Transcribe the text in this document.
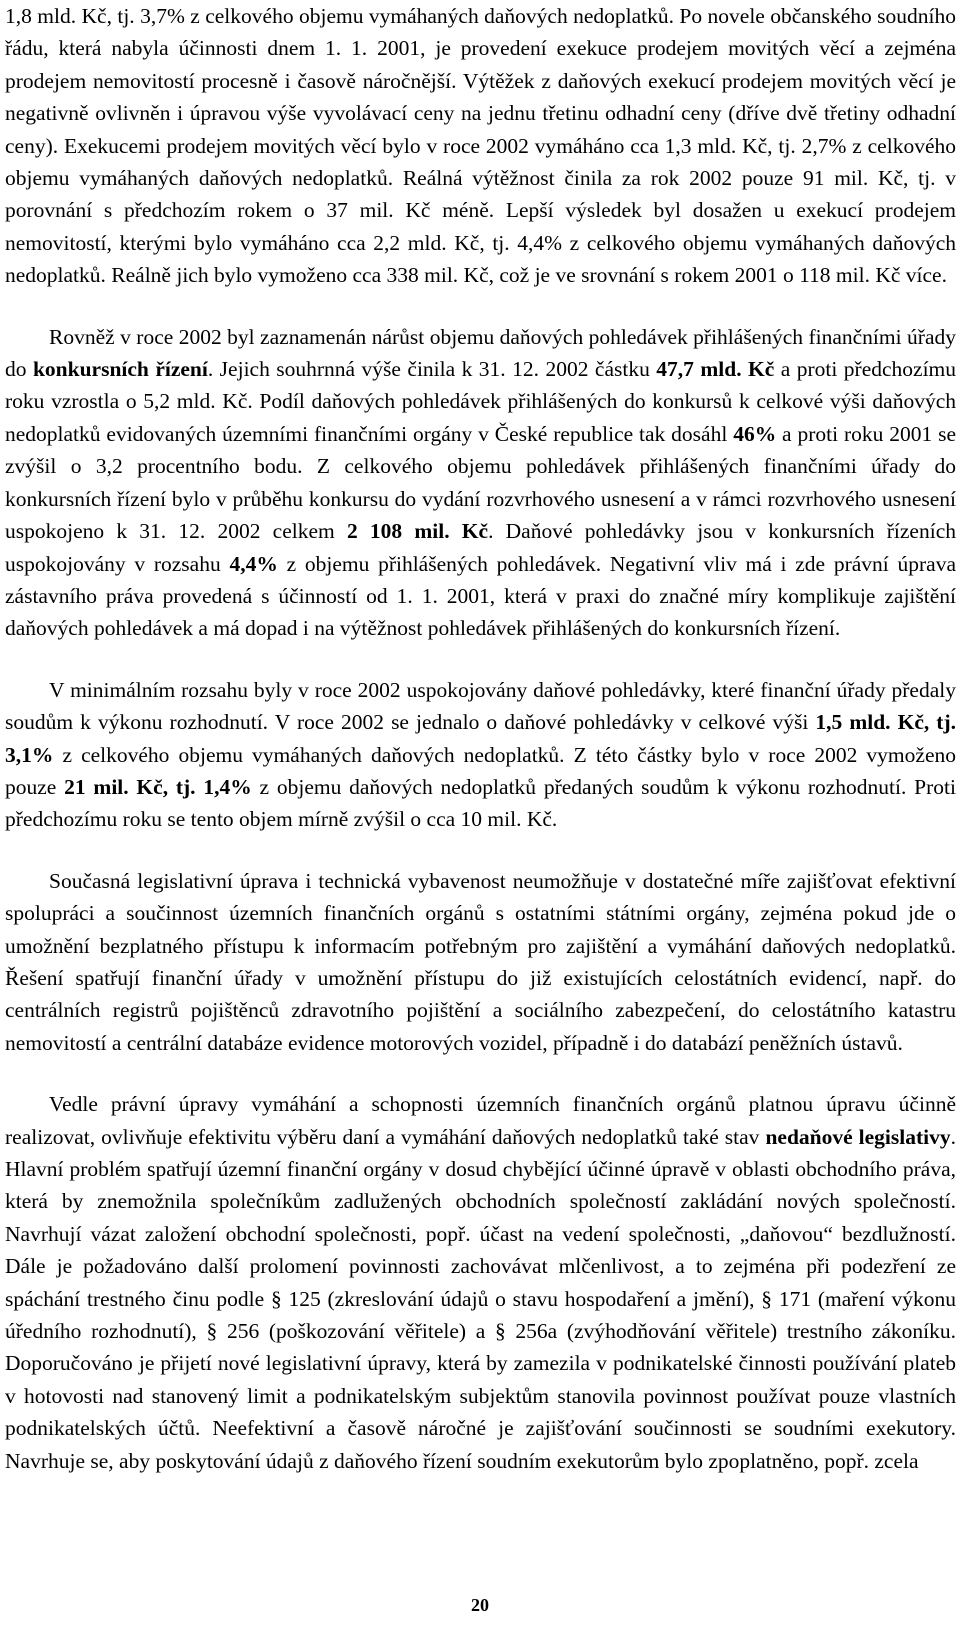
1,8 mld. Kč, tj. 3,7% z celkového objemu vymáhaných daňových nedoplatků. Po novele občanského soudního řádu, která nabyla účinnosti dnem 1. 1. 2001, je provedení exekuce prodejem movitých věcí a zejména prodejem nemovitostí procesně i časově náročnější. Výtěžek z daňových exekucí prodejem movitých věcí je negativně ovlivněn i úpravou výše vyvolávací ceny na jednu třetinu odhadní ceny (dříve dvě třetiny odhadní ceny). Exekucemi prodejem movitých věcí bylo v roce 2002 vymáháno cca 1,3 mld. Kč, tj. 2,7% z celkového objemu vymáhaných daňových nedoplatků. Reálná výtěžnost činila za rok 2002 pouze 91 mil. Kč, tj. v porovnání s předchozím rokem o 37 mil. Kč méně. Lepší výsledek byl dosažen u exekucí prodejem nemovitostí, kterými bylo vymáháno cca 2,2 mld. Kč, tj. 4,4% z celkového objemu vymáhaných daňových nedoplatků. Reálně jich bylo vymoženo cca 338 mil. Kč, což je ve srovnání s rokem 2001 o 118 mil. Kč více.

Rovněž v roce 2002 byl zaznamenán nárůst objemu daňových pohledávek přihlášených finančními úřady do konkursních řízení. Jejich souhrnná výše činila k 31. 12. 2002 částku 47,7 mld. Kč a proti předchozímu roku vzrostla o 5,2 mld. Kč. Podíl daňových pohledávek přihlášených do konkursů k celkové výši daňových nedoplatků evidovaných územními finančními orgány v České republice tak dosáhl 46% a proti roku 2001 se zvýšil o 3,2 procentního bodu. Z celkového objemu pohledávek přihlášených finančními úřady do konkursních řízení bylo v průběhu konkursu do vydání rozvrhového usnesení a v rámci rozvrhového usnesení uspokojeno k 31. 12. 2002 celkem 2 108 mil. Kč. Daňové pohledávky jsou v konkursních řízeních uspokojovány v rozsahu 4,4% z objemu přihlášených pohledávek. Negativní vliv má i zde právní úprava zástavního práva provedená s účinností od 1. 1. 2001, která v praxi do značné míry komplikuje zajištění daňových pohledávek a má dopad i na výtěžnost pohledávek přihlášených do konkursních řízení.

V minimálním rozsahu byly v roce 2002 uspokojovány daňové pohledávky, které finanční úřady předaly soudům k výkonu rozhodnutí. V roce 2002 se jednalo o daňové pohledávky v celkové výši 1,5 mld. Kč, tj. 3,1% z celkového objemu vymáhaných daňových nedoplatků. Z této částky bylo v roce 2002 vymoženo pouze 21 mil. Kč, tj. 1,4% z objemu daňových nedoplatků předaných soudům k výkonu rozhodnutí. Proti předchozímu roku se tento objem mírně zvýšil o cca 10 mil. Kč.

Současná legislativní úprava i technická vybavenost neumožňuje v dostatečné míře zajišťovat efektivní spolupráci a součinnost územních finančních orgánů s ostatními státními orgány, zejména pokud jde o umožnění bezplatného přístupu k informacím potřebným pro zajištění a vymáhání daňových nedoplatků. Řešení spatřují finanční úřady v umožnění přístupu do již existujících celostátních evidencí, např. do centrálních registrů pojištěnců zdravotního pojištění a sociálního zabezpečení, do celostátního katastru nemovitostí a centrální databáze evidence motorových vozidel, případně i do databází peněžních ústavů.

Vedle právní úpravy vymáhání a schopnosti územních finančních orgánů platnou úpravu účinně realizovat, ovlivňuje efektivitu výběru daní a vymáhání daňových nedoplatků také stav nedaňové legislativy. Hlavní problém spatřují územní finanční orgány v dosud chybějící účinné úpravě v oblasti obchodního práva, která by znemožnila společníkům zadlužených obchodních společností zakládání nových společností. Navrhují vázat založení obchodní společnosti, popř. účast na vedení společnosti, „daňovou“ bezdlužností. Dále je požadováno další prolomení povinnosti zachovávat mlčenlivost, a to zejména při podezření ze spáchání trestného činu podle § 125 (zkreslování údajů o stavu hospodaření a jmění), § 171 (maření výkonu úředního rozhodnutí), § 256 (poškozování věřitele) a § 256a (zvýhodňování věřitele) trestního zákoníku. Doporučováno je přijetí nové legislativní úpravy, která by zamezila v podnikatelské činnosti používání plateb v hotovosti nad stanovený limit a podnikatelským subjektům stanovila povinnost používat pouze vlastních podnikatelských účtů. Neefektivní a časově náročné je zajišťování součinnosti se soudními exekutory. Navrhuje se, aby poskytování údajů z daňového řízení soudním exekutorům bylo zpoplatněno, popř. zcela

20
